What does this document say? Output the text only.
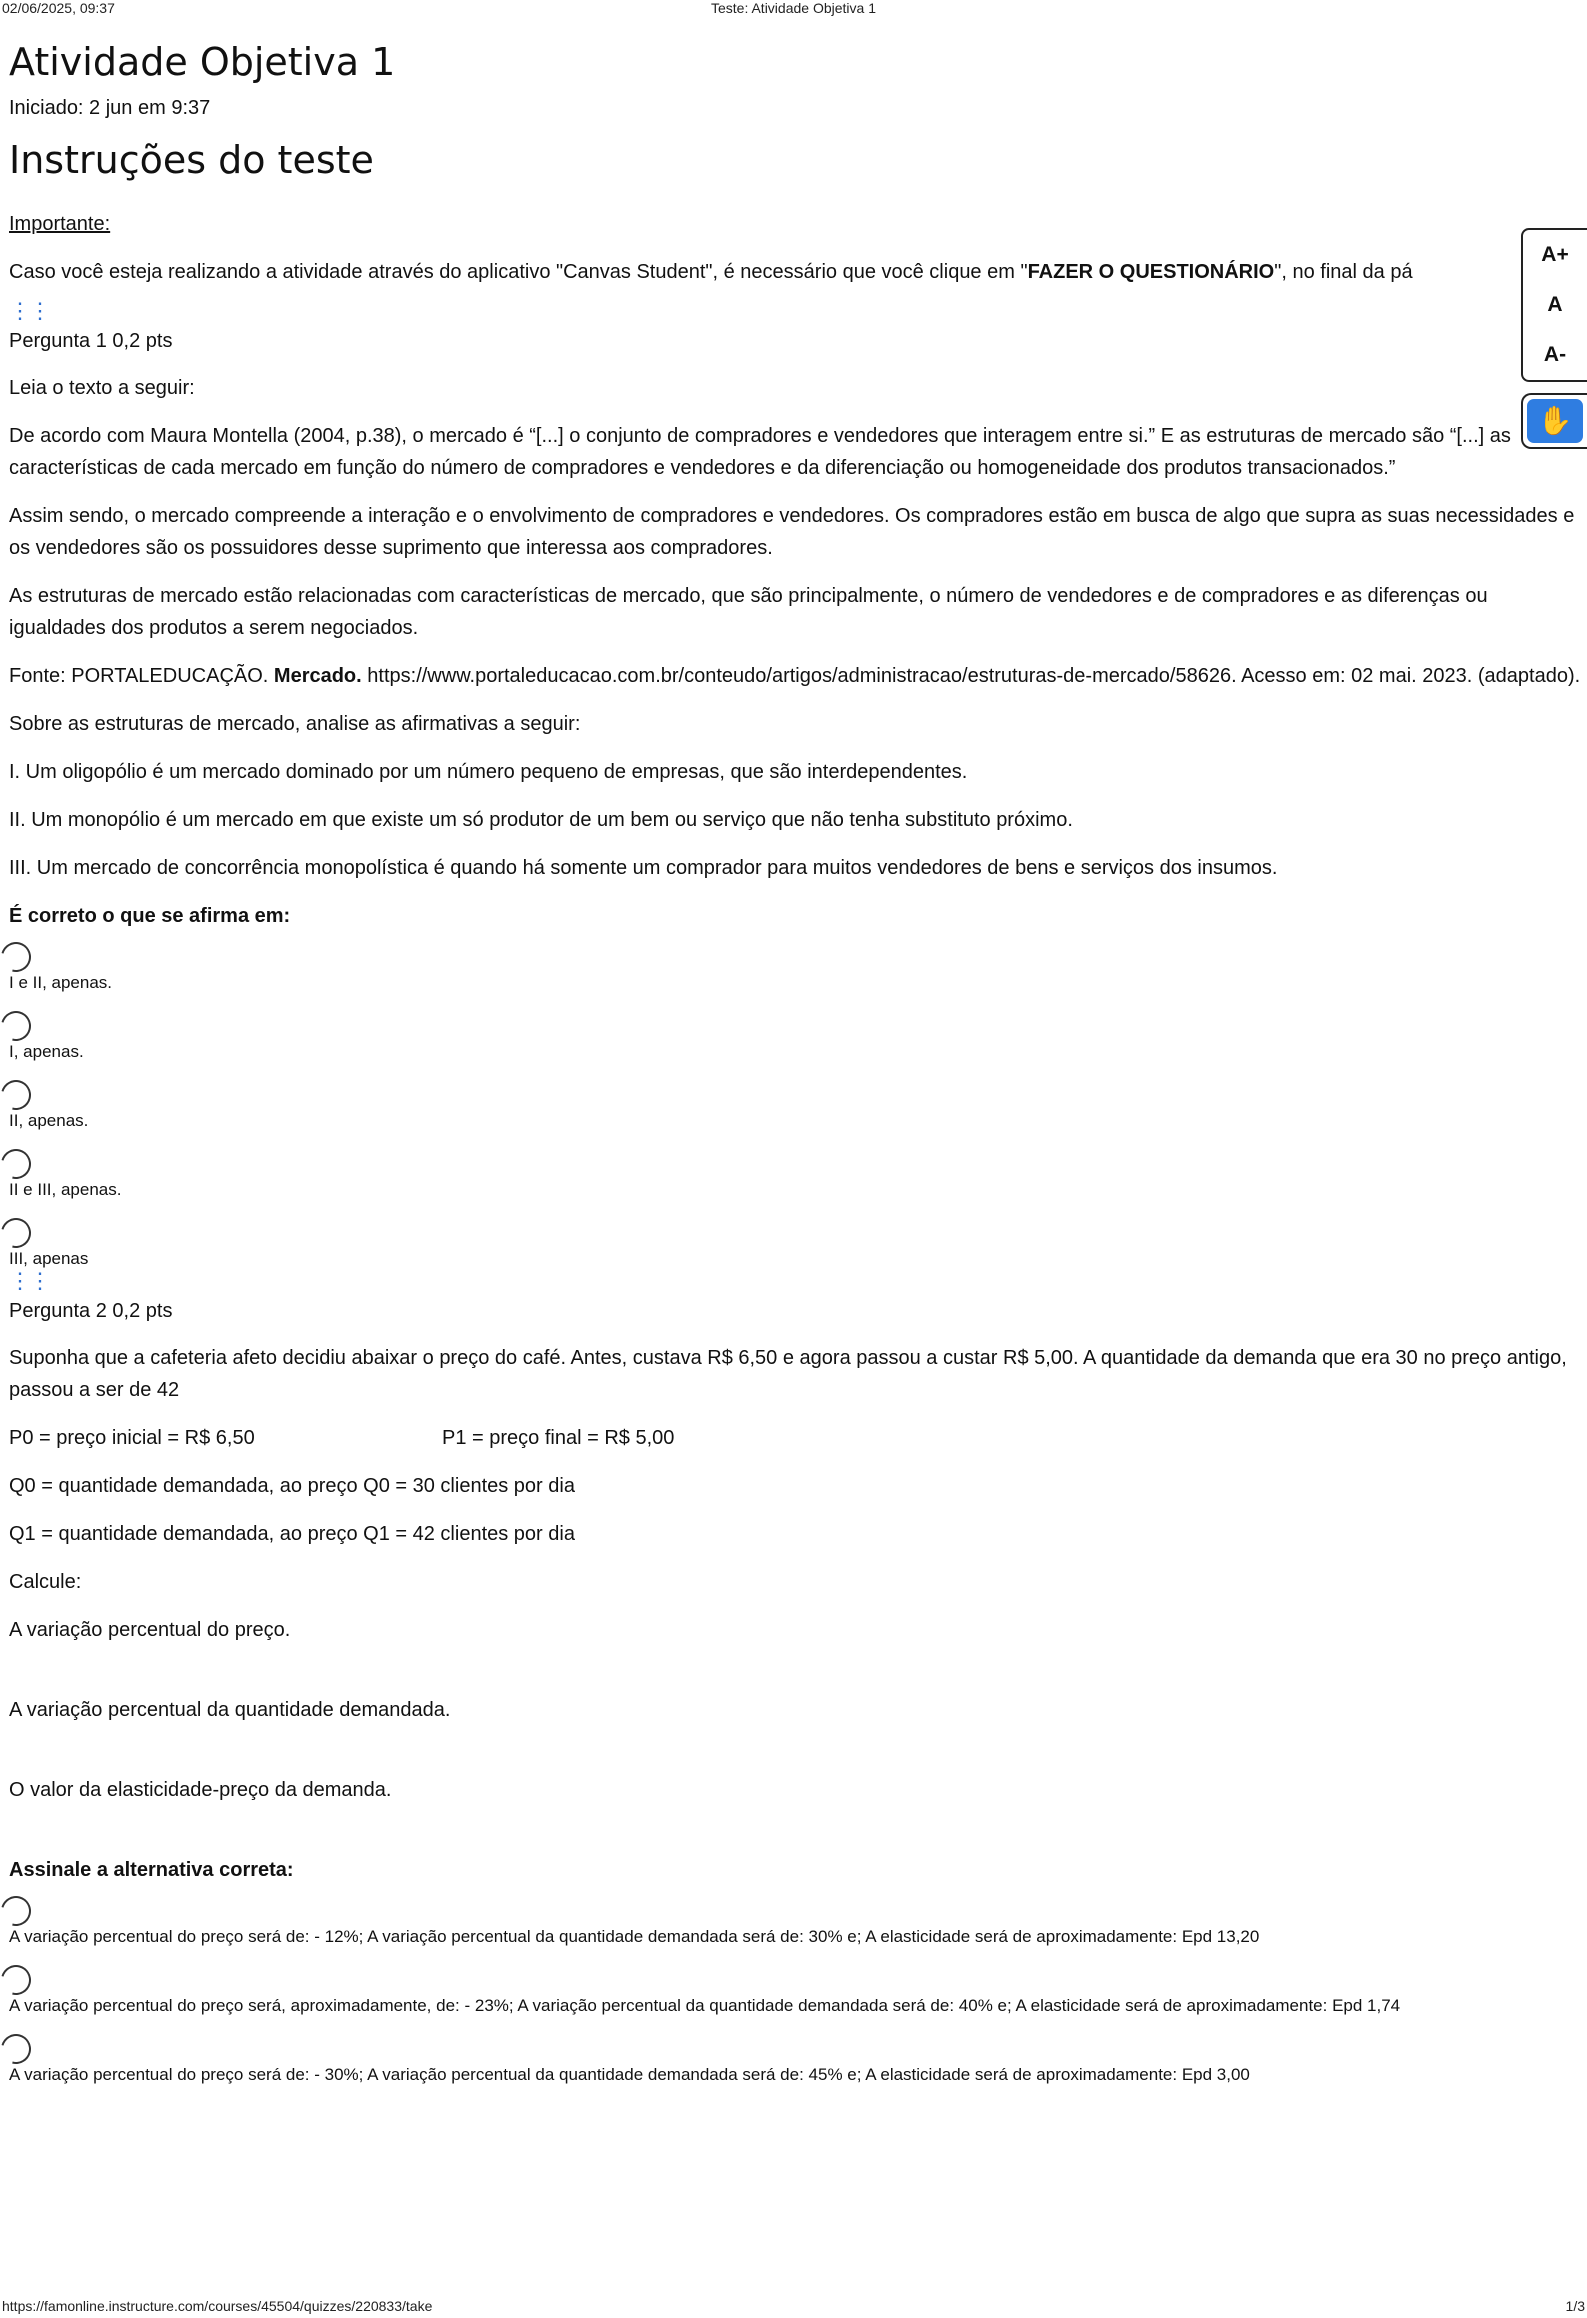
02/06/2025, 09:37	Teste: Atividade Objetiva 1
Atividade Objetiva 1
Iniciado: 2 jun em 9:37
Instruções do teste
Importante:
Caso você esteja realizando a atividade através do aplicativo "Canvas Student", é necessário que você clique em "FAZER O QUESTIONÁRIO", no final da pá
⋮⋮
Pergunta 1 0,2 pts
Leia o texto a seguir:
De acordo com Maura Montella (2004, p.38), o mercado é “[...] o conjunto de compradores e vendedores que interagem entre si.” E as estruturas de mercado são “[...] as características de cada mercado em função do número de compradores e vendedores e da diferenciação ou homogeneidade dos produtos transacionados.”
Assim sendo, o mercado compreende a interação e o envolvimento de compradores e vendedores. Os compradores estão em busca de algo que supra as suas necessidades e os vendedores são os possuidores desse suprimento que interessa aos compradores.
As estruturas de mercado estão relacionadas com características de mercado, que são principalmente, o número de vendedores e de compradores e as diferenças ou igualdades dos produtos a serem negociados.
Fonte: PORTALEDUCAÇÃO. Mercado. https://www.portaleducacao.com.br/conteudo/artigos/administracao/estruturas-de-mercado/58626. Acesso em: 02 mai. 2023. (adaptado).
Sobre as estruturas de mercado, analise as afirmativas a seguir:
I. Um oligopólio é um mercado dominado por um número pequeno de empresas, que são interdependentes.
II. Um monopólio é um mercado em que existe um só produtor de um bem ou serviço que não tenha substituto próximo.
III. Um mercado de concorrência monopolística é quando há somente um comprador para muitos vendedores de bens e serviços dos insumos.
É correto o que se afirma em:
I e II, apenas.
I, apenas.
II, apenas.
II e III, apenas.
III, apenas
⋮⋮
Pergunta 2 0,2 pts
Suponha que a cafeteria afeto decidiu abaixar o preço do café. Antes, custava R$ 6,50 e agora passou a custar R$ 5,00. A quantidade da demanda que era 30 no preço antigo, passou a ser de 42
P0 = preço inicial = R$ 6,50	P1 = preço final = R$ 5,00
Q0 = quantidade demandada, ao preço Q0 = 30 clientes por dia
Q1 = quantidade demandada, ao preço Q1 = 42 clientes por dia
Calcule:
A variação percentual do preço.
A variação percentual da quantidade demandada.
O valor da elasticidade-preço da demanda.
Assinale a alternativa correta:
A variação percentual do preço será de: - 12%; A variação percentual da quantidade demandada será de: 30% e; A elasticidade será de aproximadamente: Epd 13,20
A variação percentual do preço será, aproximadamente, de: - 23%; A variação percentual da quantidade demandada será de: 40% e; A elasticidade será de aproximadamente: Epd 1,74
A variação percentual do preço será de: - 30%; A variação percentual da quantidade demandada será de: 45% e; A elasticidade será de aproximadamente: Epd 3,00
A+
A
A-
✋
https://famonline.instructure.com/courses/45504/quizzes/220833/take	1/3
